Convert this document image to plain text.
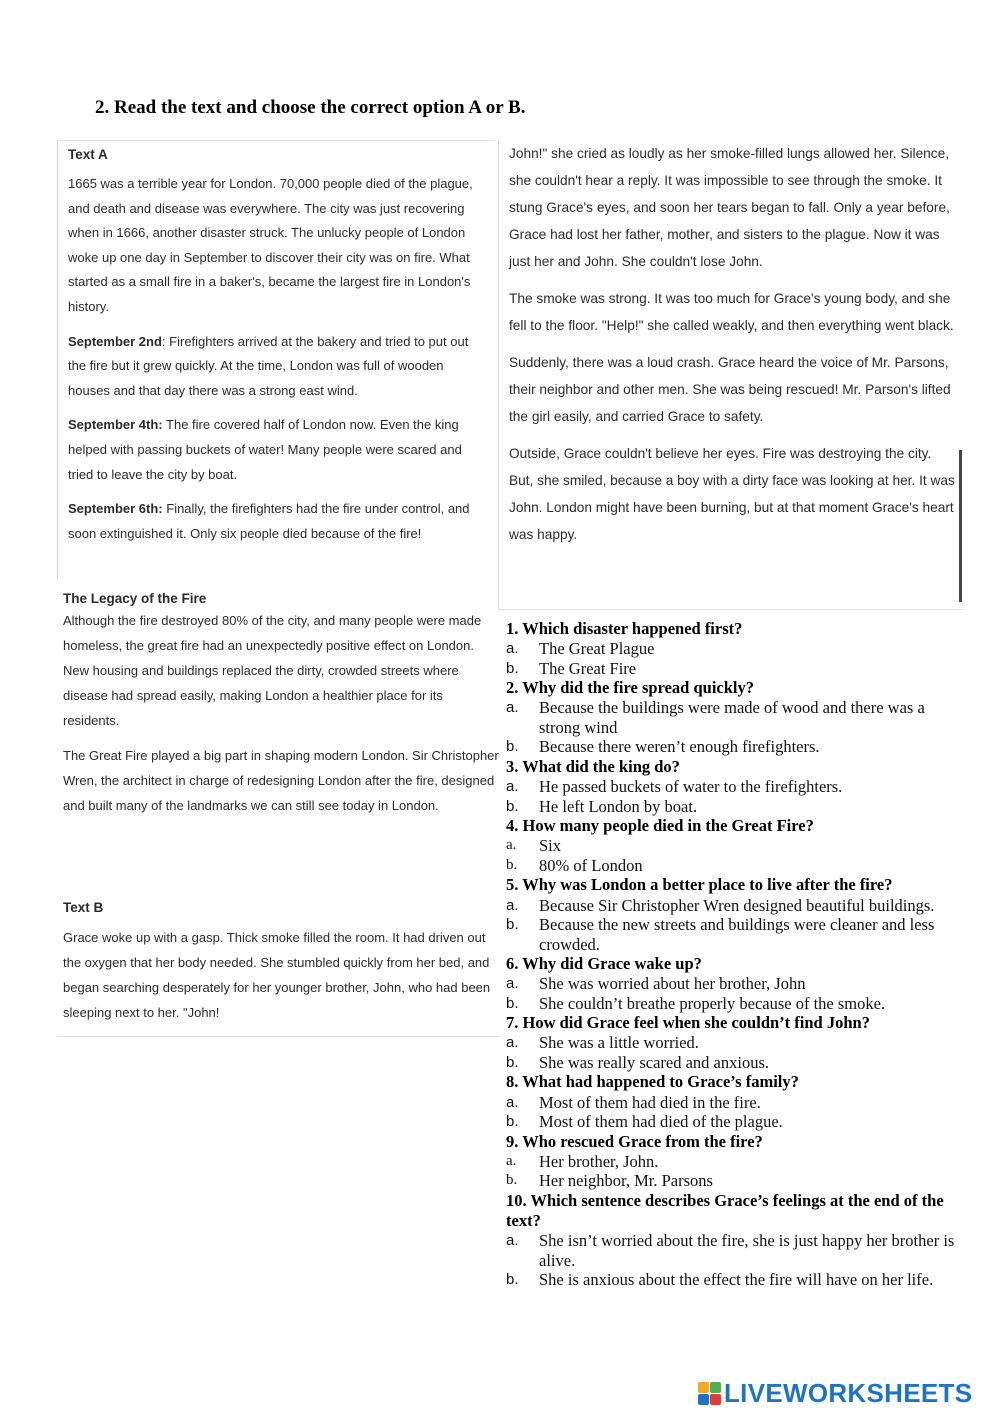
2. Read the text and choose the correct option A or B.
Text A

1665 was a terrible year for London. 70,000 people died of the plague, and death and disease was everywhere. The city was just recovering when in 1666, another disaster struck. The unlucky people of London woke up one day in September to discover their city was on fire. What started as a small fire in a baker's, became the largest fire in London's history.

September 2nd: Firefighters arrived at the bakery and tried to put out the fire but it grew quickly. At the time, London was full of wooden houses and that day there was a strong east wind.

September 4th: The fire covered half of London now. Even the king helped with passing buckets of water! Many people were scared and tried to leave the city by boat.

September 6th: Finally, the firefighters had the fire under control, and soon extinguished it. Only six people died because of the fire!

The Legacy of the Fire

Although the fire destroyed 80% of the city, and many people were made homeless, the great fire had an unexpectedly positive effect on London. New housing and buildings replaced the dirty, crowded streets where disease had spread easily, making London a healthier place for its residents.

The Great Fire played a big part in shaping modern London. Sir Christopher Wren, the architect in charge of redesigning London after the fire, designed and built many of the landmarks we can still see today in London.

Text B

Grace woke up with a gasp. Thick smoke filled the room. It had driven out the oxygen that her body needed. She stumbled quickly from her bed, and began searching desperately for her younger brother, John, who had been sleeping next to her. "John!

John!" she cried as loudly as her smoke-filled lungs allowed her. Silence, she couldn't hear a reply. It was impossible to see through the smoke. It stung Grace's eyes, and soon her tears began to fall. Only a year before, Grace had lost her father, mother, and sisters to the plague. Now it was just her and John. She couldn't lose John.

The smoke was strong. It was too much for Grace's young body, and she fell to the floor. "Help!" she called weakly, and then everything went black.

Suddenly, there was a loud crash. Grace heard the voice of Mr. Parsons, their neighbor and other men. She was being rescued! Mr. Parson's lifted the girl easily, and carried Grace to safety.

Outside, Grace couldn't believe her eyes. Fire was destroying the city. But, she smiled, because a boy with a dirty face was looking at her. It was John. London might have been burning, but at that moment Grace's heart was happy.

1. Which disaster happened first?
a. The Great Plague
b. The Great Fire
2. Why did the fire spread quickly?
a. Because the buildings were made of wood and there was a strong wind
b. Because there weren’t enough firefighters.
3. What did the king do?
a. He passed buckets of water to the firefighters.
b. He left London by boat.
4. How many people died in the Great Fire?
a. Six
b. 80% of London
5. Why was London a better place to live after the fire?
a. Because Sir Christopher Wren designed beautiful buildings.
b. Because the new streets and buildings were cleaner and less crowded.
6. Why did Grace wake up?
a. She was worried about her brother, John
b. She couldn’t breathe properly because of the smoke.
7. How did Grace feel when she couldn’t find John?
a. She was a little worried.
b. She was really scared and anxious.
8. What had happened to Grace’s family?
a. Most of them had died in the fire.
b. Most of them had died of the plague.
9. Who rescued Grace from the fire?
a. Her brother, John.
b. Her neighbor, Mr. Parsons
10. Which sentence describes Grace’s feelings at the end of the text?
a. She isn’t worried about the fire, she is just happy her brother is alive.
b. She is anxious about the effect the fire will have on her life.
LIVEWORKSHEETS
